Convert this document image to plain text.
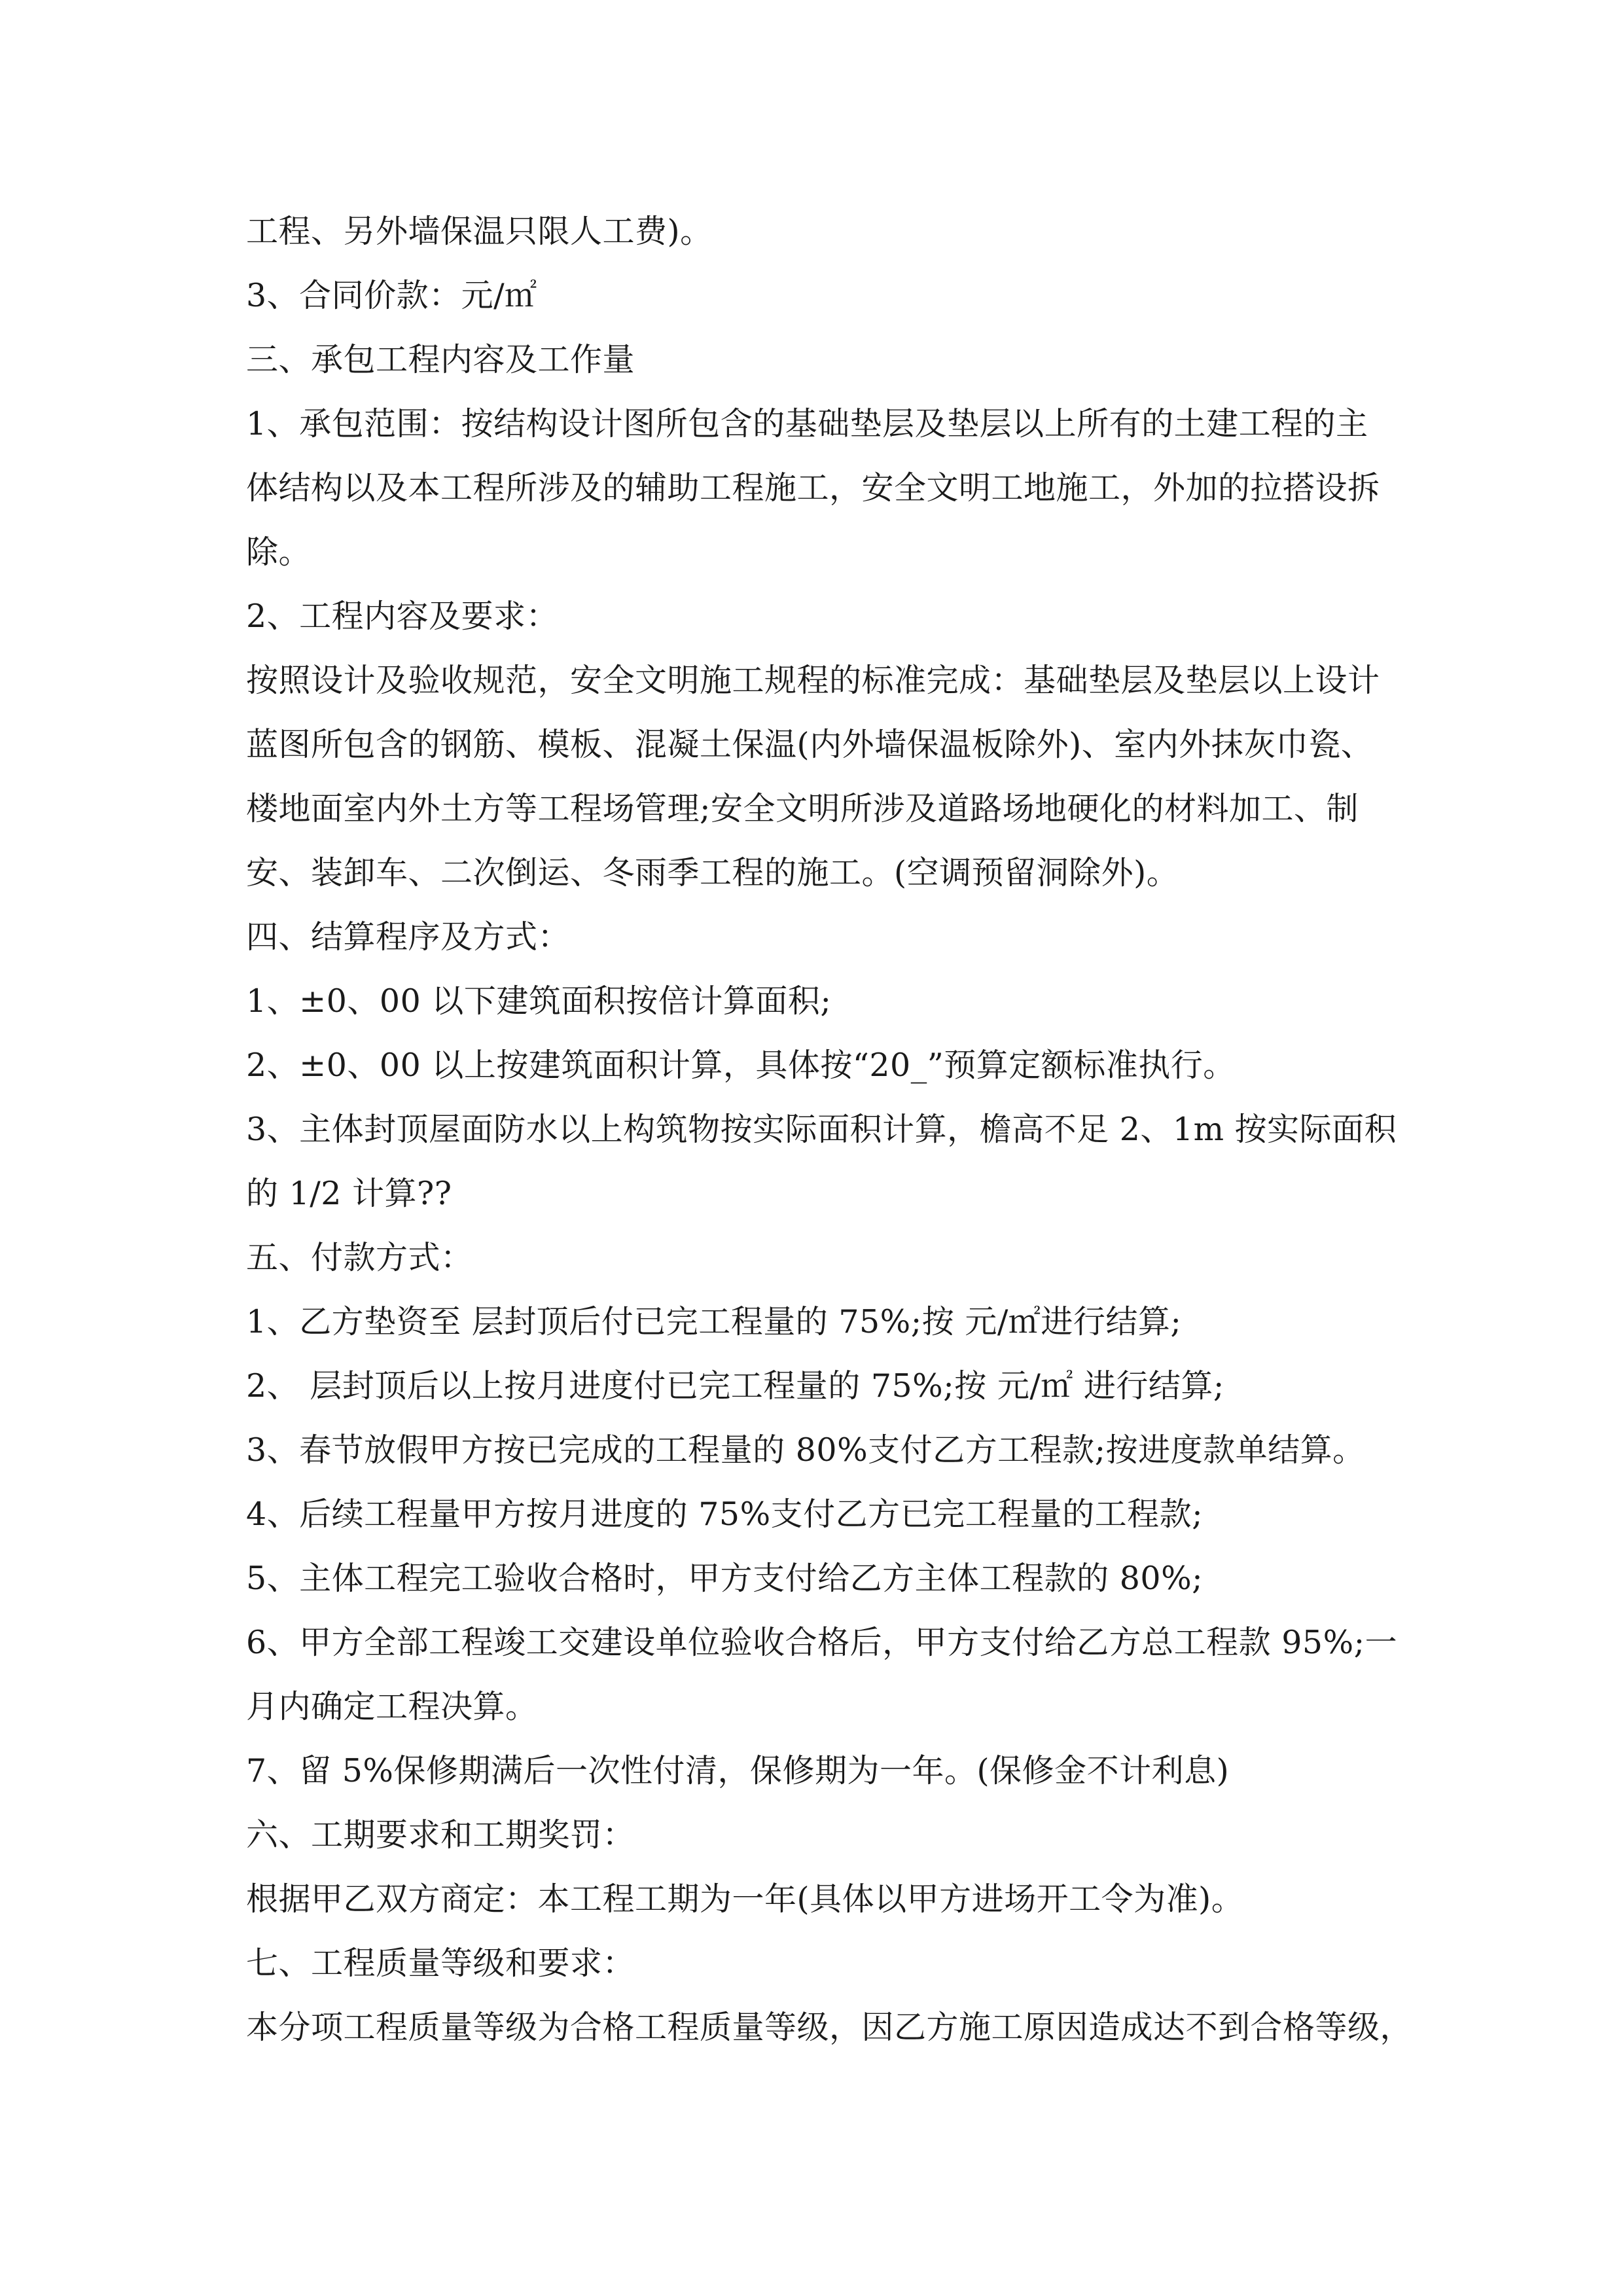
工程、另外墙保温只限人工费)。
3、合同价款：元/㎡
三、承包工程内容及工作量
1、承包范围：按结构设计图所包含的基础垫层及垫层以上所有的土建工程的主
体结构以及本工程所涉及的辅助工程施工，安全文明工地施工，外加的拉搭设拆
除。
2、工程内容及要求：
按照设计及验收规范，安全文明施工规程的标准完成：基础垫层及垫层以上设计
蓝图所包含的钢筋、模板、混凝土保温(内外墙保温板除外)、室内外抹灰巾瓷、
楼地面室内外土方等工程场管理;安全文明所涉及道路场地硬化的材料加工、制
安、装卸车、二次倒运、冬雨季工程的施工。(空调预留洞除外)。
四、结算程序及方式：
1、±0、00 以下建筑面积按倍计算面积;
2、±0、00 以上按建筑面积计算，具体按“20_”预算定额标准执行。
3、主体封顶屋面防水以上构筑物按实际面积计算，檐高不足 2、1m 按实际面积
的 1/2 计算??
五、付款方式：
1、乙方垫资至 层封顶后付已完工程量的 75%;按 元/㎡进行结算;
2、 层封顶后以上按月进度付已完工程量的 75%;按 元/㎡ 进行结算;
3、春节放假甲方按已完成的工程量的 80%支付乙方工程款;按进度款单结算。
4、后续工程量甲方按月进度的 75%支付乙方已完工程量的工程款;
5、主体工程完工验收合格时，甲方支付给乙方主体工程款的 80%;
6、甲方全部工程竣工交建设单位验收合格后，甲方支付给乙方总工程款 95%;一
月内确定工程决算。
7、留 5%保修期满后一次性付清，保修期为一年。(保修金不计利息)
六、工期要求和工期奖罚：
根据甲乙双方商定：本工程工期为一年(具体以甲方进场开工令为准)。
七、工程质量等级和要求：
本分项工程质量等级为合格工程质量等级，因乙方施工原因造成达不到合格等级，
